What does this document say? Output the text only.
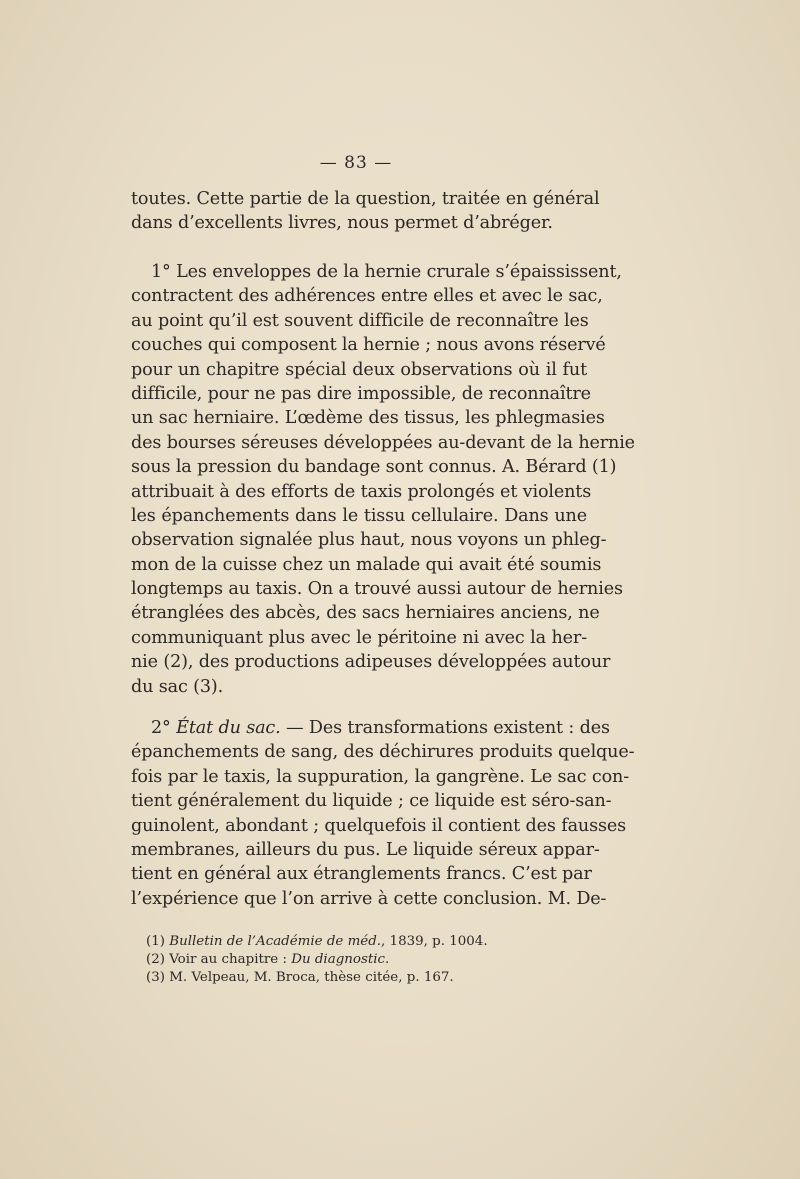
— 83 —
toutes. Cette partie de la question, traitée en général
dans d’excellents livres, nous permet d’abréger.
1° Les enveloppes de la hernie crurale s’épaississent,
contractent des adhérences entre elles et avec le sac,
au point qu’il est souvent difficile de reconnaître les
couches qui composent la hernie ; nous avons réservé
pour un chapitre spécial deux observations où il fut
difficile, pour ne pas dire impossible, de reconnaître
un sac herniaire. L’œdème des tissus, les phlegmasies
des bourses séreuses développées au-devant de la hernie
sous la pression du bandage sont connus. A. Bérard (1)
attribuait à des efforts de taxis prolongés et violents
les épanchements dans le tissu cellulaire. Dans une
observation signalée plus haut, nous voyons un phleg-
mon de la cuisse chez un malade qui avait été soumis
longtemps au taxis. On a trouvé aussi autour de hernies
étranglées des abcès, des sacs herniaires anciens, ne
communiquant plus avec le péritoine ni avec la her-
nie (2), des productions adipeuses développées autour
du sac (3).
2° État du sac. — Des transformations existent : des
épanchements de sang, des déchirures produits quelque-
fois par le taxis, la suppuration, la gangrène. Le sac con-
tient généralement du liquide ; ce liquide est séro-san-
guinolent, abondant ; quelquefois il contient des fausses
membranes, ailleurs du pus. Le liquide séreux appar-
tient en général aux étranglements francs. C’est par
l’expérience que l’on arrive à cette conclusion. M. De-
(1) Bulletin de l’Académie de méd., 1839, p. 1004.
(2) Voir au chapitre : Du diagnostic.
(3) M. Velpeau, M. Broca, thèse citée, p. 167.
